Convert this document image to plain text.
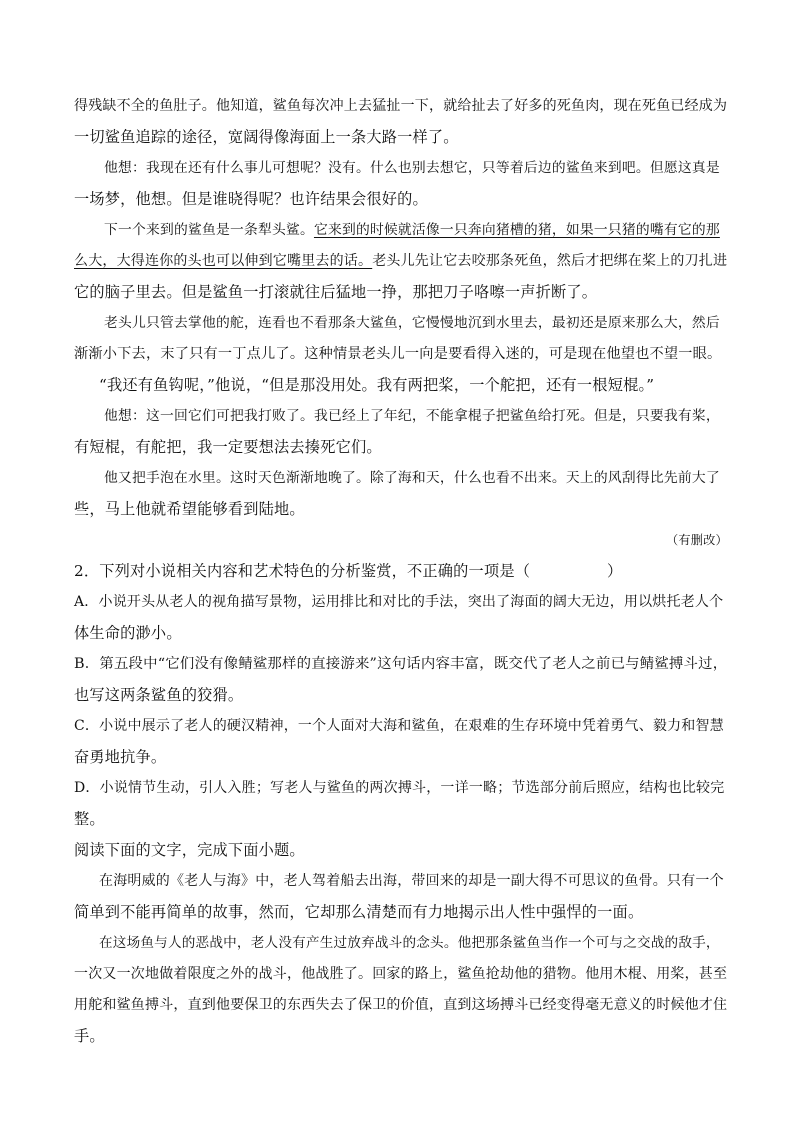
得残缺不全的鱼肚子。他知道，鲨鱼每次冲上去猛扯一下，就给扯去了好多的死鱼肉，现在死鱼已经成为
一切鲨鱼追踪的途径，宽阔得像海面上一条大路一样了。
他想：我现在还有什么事儿可想呢？没有。什么也别去想它，只等着后边的鲨鱼来到吧。但愿这真是
一场梦，他想。但是谁晓得呢？也许结果会很好的。
下一个来到的鲨鱼是一条犁头鲨。它来到的时候就活像一只奔向猪槽的猪，如果一只猪的嘴有它的那
么大，大得连你的头也可以伸到它嘴里去的话。老头儿先让它去咬那条死鱼，然后才把绑在桨上的刀扎进
它的脑子里去。但是鲨鱼一打滚就往后猛地一挣，那把刀子咯嚓一声折断了。
老头儿只管去掌他的舵，连看也不看那条大鲨鱼，它慢慢地沉到水里去，最初还是原来那么大，然后
渐渐小下去，末了只有一丁点儿了。这种情景老头儿一向是要看得入迷的，可是现在他望也不望一眼。
“我还有鱼钩呢，”他说，“但是那没用处。我有两把桨，一个舵把，还有一根短棍。”
他想：这一回它们可把我打败了。我已经上了年纪，不能拿棍子把鲨鱼给打死。但是，只要我有桨，
有短棍，有舵把，我一定要想法去揍死它们。
他又把手泡在水里。这时天色渐渐地晚了。除了海和天，什么也看不出来。天上的风刮得比先前大了
些，马上他就希望能够看到陆地。
（有删改）
2．下列对小说相关内容和艺术特色的分析鉴赏，不正确的一项是（　　　　　）
A．小说开头从老人的视角描写景物，运用排比和对比的手法，突出了海面的阔大无边，用以烘托老人个
体生命的渺小。
B．第五段中“它们没有像鲭鲨那样的直接游来”这句话内容丰富，既交代了老人之前已与鲭鲨搏斗过，
也写这两条鲨鱼的狡猾。
C．小说中展示了老人的硬汉精神，一个人面对大海和鲨鱼，在艰难的生存环境中凭着勇气、毅力和智慧
奋勇地抗争。
D．小说情节生动，引人入胜；写老人与鲨鱼的两次搏斗，一详一略；节选部分前后照应，结构也比较完
整。
阅读下面的文字，完成下面小题。
在海明威的《老人与海》中，老人驾着船去出海，带回来的却是一副大得不可思议的鱼骨。只有一个
简单到不能再简单的故事，然而，它却那么清楚而有力地揭示出人性中强悍的一面。
在这场鱼与人的恶战中，老人没有产生过放弃战斗的念头。他把那条鲨鱼当作一个可与之交战的敌手，
一次又一次地做着限度之外的战斗，他战胜了。回家的路上，鲨鱼抢劫他的猎物。他用木棍、用桨，甚至
用舵和鲨鱼搏斗，直到他要保卫的东西失去了保卫的价值，直到这场搏斗已经变得毫无意义的时候他才住
手。
